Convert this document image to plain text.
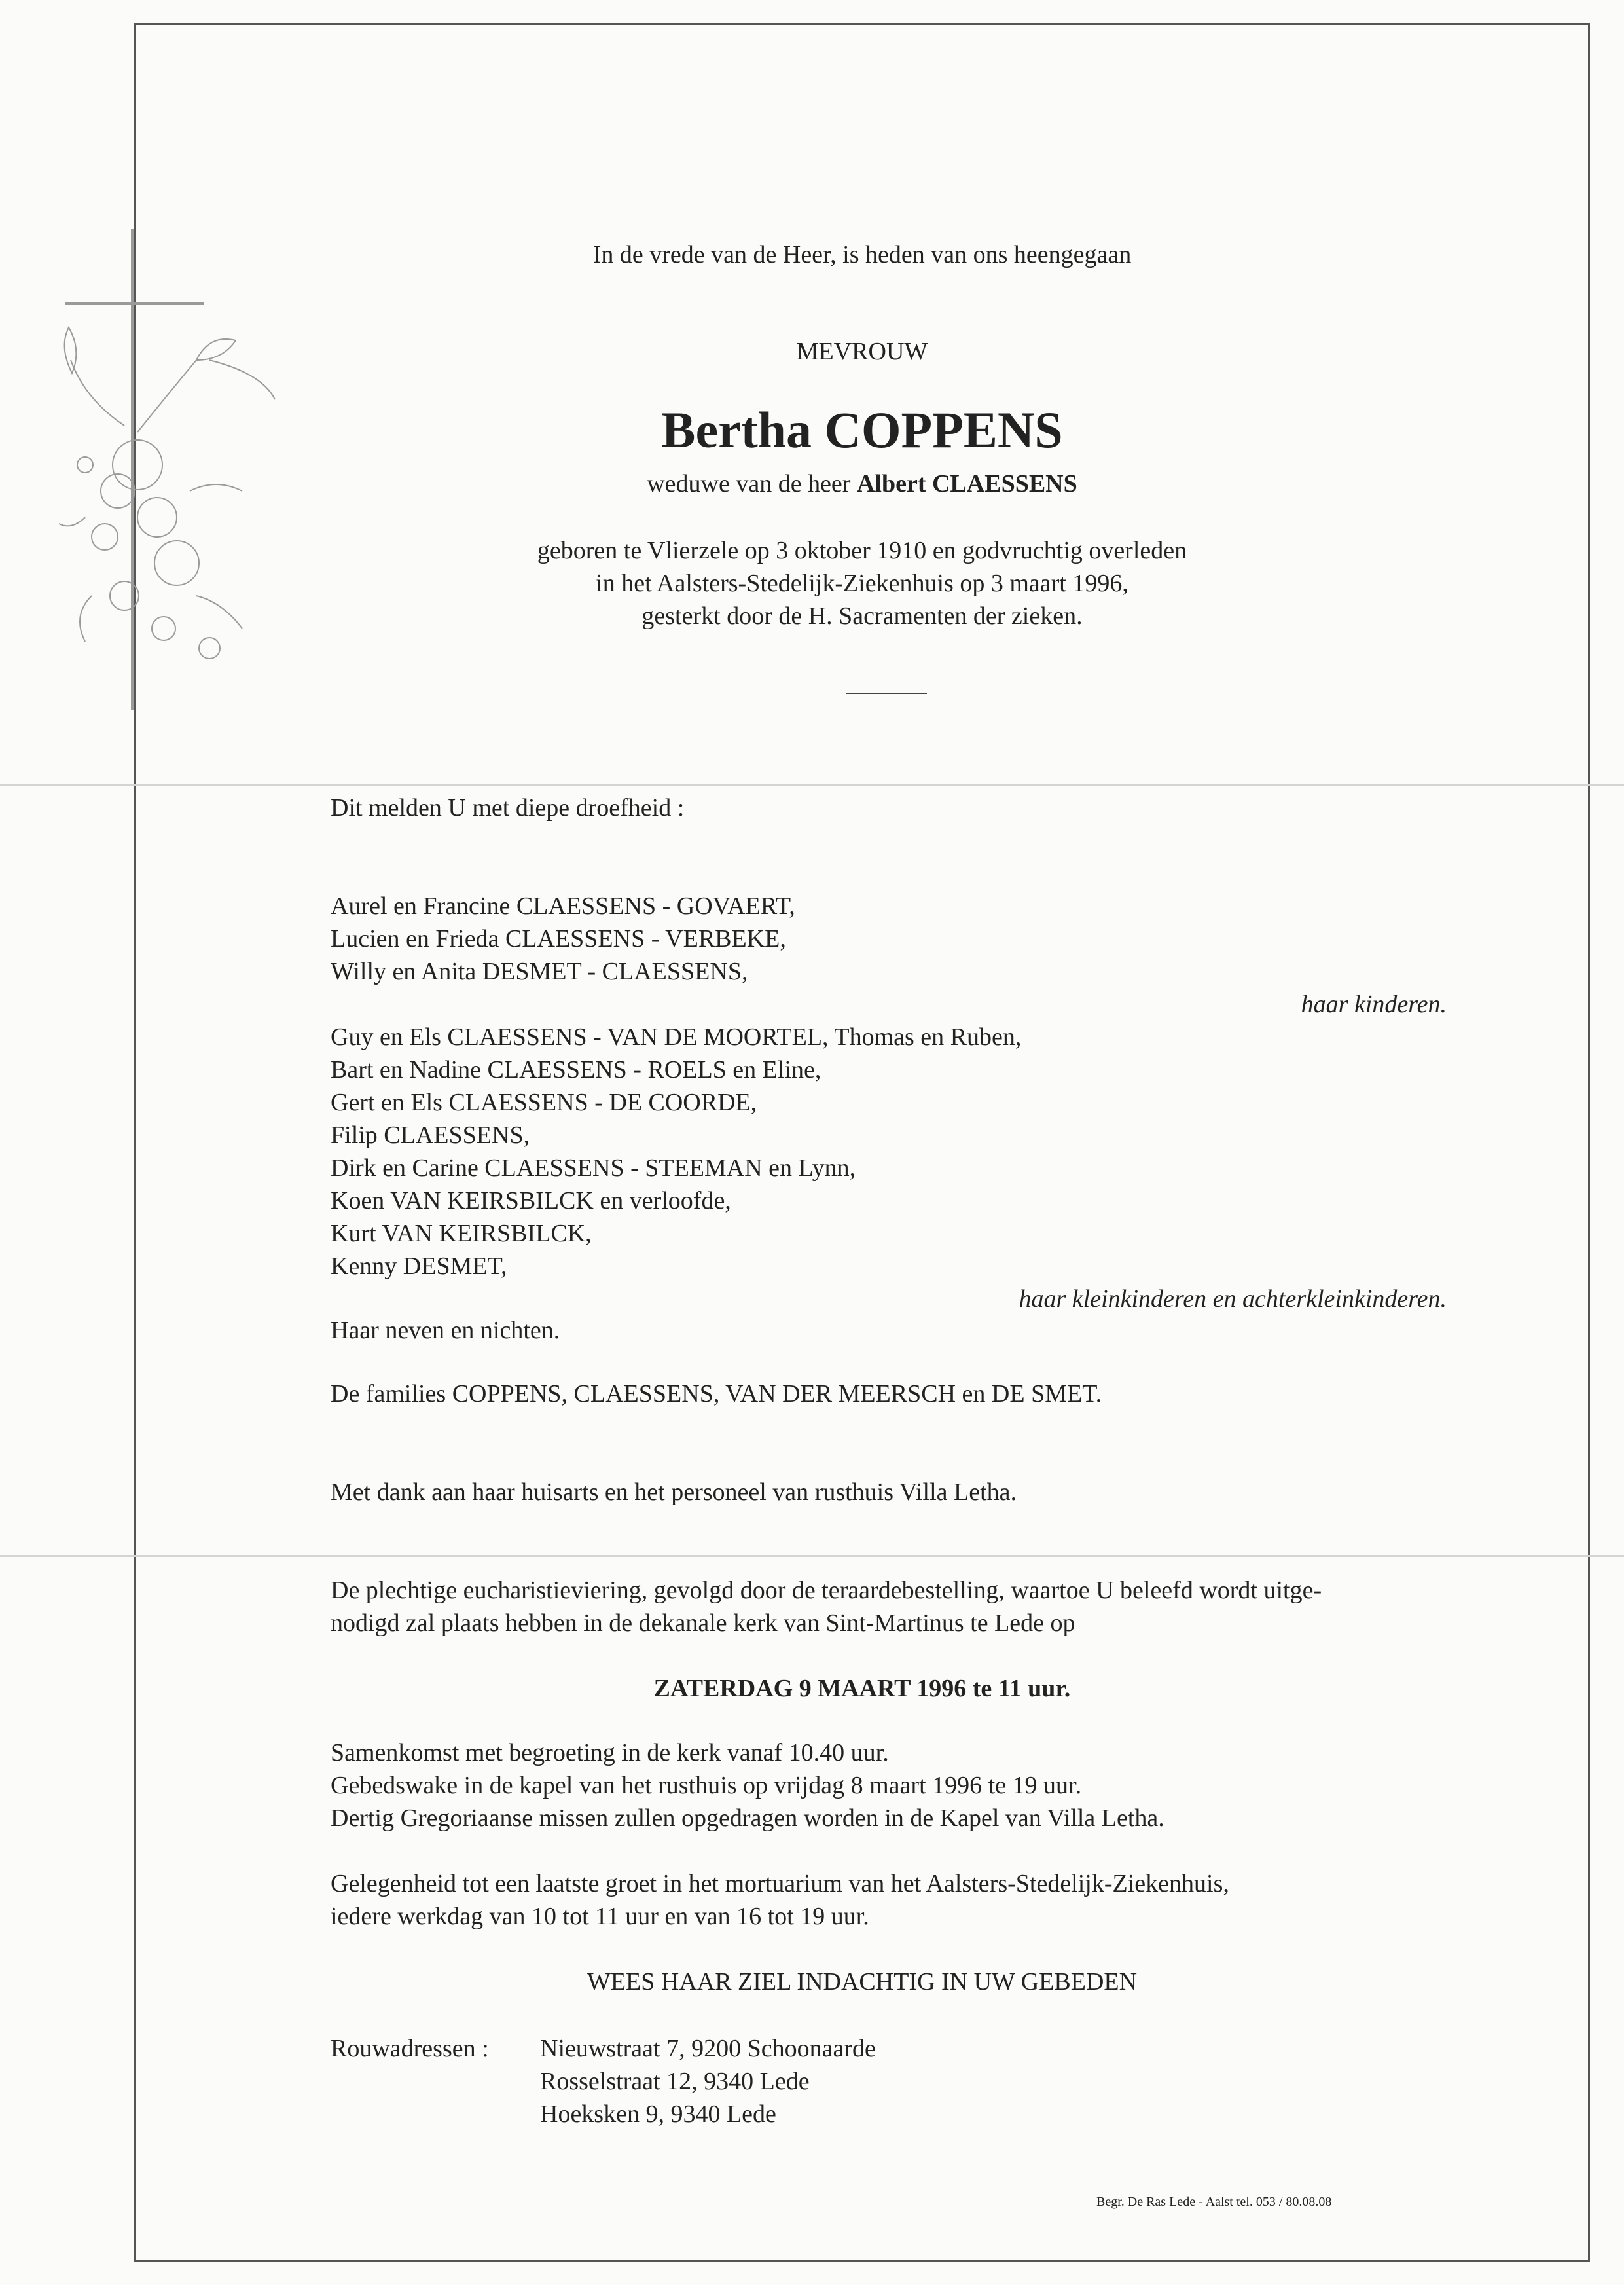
In de vrede van de Heer, is heden van ons heengegaan
MEVROUW
Bertha COPPENS
weduwe van de heer Albert CLAESSENS
geboren te Vlierzele op 3 oktober 1910 en godvruchtig overleden
in het Aalsters-Stedelijk-Ziekenhuis op 3 maart 1996,
gesterkt door de H. Sacramenten der zieken.
Dit melden U met diepe droefheid :
Aurel en Francine CLAESSENS - GOVAERT,
Lucien en Frieda CLAESSENS - VERBEKE,
Willy en Anita DESMET - CLAESSENS,
haar kinderen.
Guy en Els CLAESSENS - VAN DE MOORTEL, Thomas en Ruben,
Bart en Nadine CLAESSENS - ROELS en Eline,
Gert en Els CLAESSENS - DE COORDE,
Filip CLAESSENS,
Dirk en Carine CLAESSENS - STEEMAN en Lynn,
Koen VAN KEIRSBILCK en verloofde,
Kurt VAN KEIRSBILCK,
Kenny DESMET,
haar kleinkinderen en achterkleinkinderen.
Haar neven en nichten.
De families COPPENS, CLAESSENS, VAN DER MEERSCH en DE SMET.
Met dank aan haar huisarts en het personeel van rusthuis Villa Letha.
De plechtige eucharistieviering, gevolgd door de teraardebestelling, waartoe U beleefd wordt uitge-
nodigd zal plaats hebben in de dekanale kerk van Sint-Martinus te Lede op
ZATERDAG 9 MAART 1996 te 11 uur.
Samenkomst met begroeting in de kerk vanaf 10.40 uur.
Gebedswake in de kapel van het rusthuis op vrijdag 8 maart 1996 te 19 uur.
Dertig Gregoriaanse missen zullen opgedragen worden in de Kapel van Villa Letha.
Gelegenheid tot een laatste groet in het mortuarium van het Aalsters-Stedelijk-Ziekenhuis,
iedere werkdag van 10 tot 11 uur en van 16 tot 19 uur.
WEES HAAR ZIEL INDACHTIG IN UW GEBEDEN
Rouwadressen : Nieuwstraat 7, 9200 Schoonaarde
Rosselstraat 12, 9340 Lede
Hoeksken 9, 9340 Lede
Begr. De Ras Lede - Aalst tel. 053 / 80.08.08
